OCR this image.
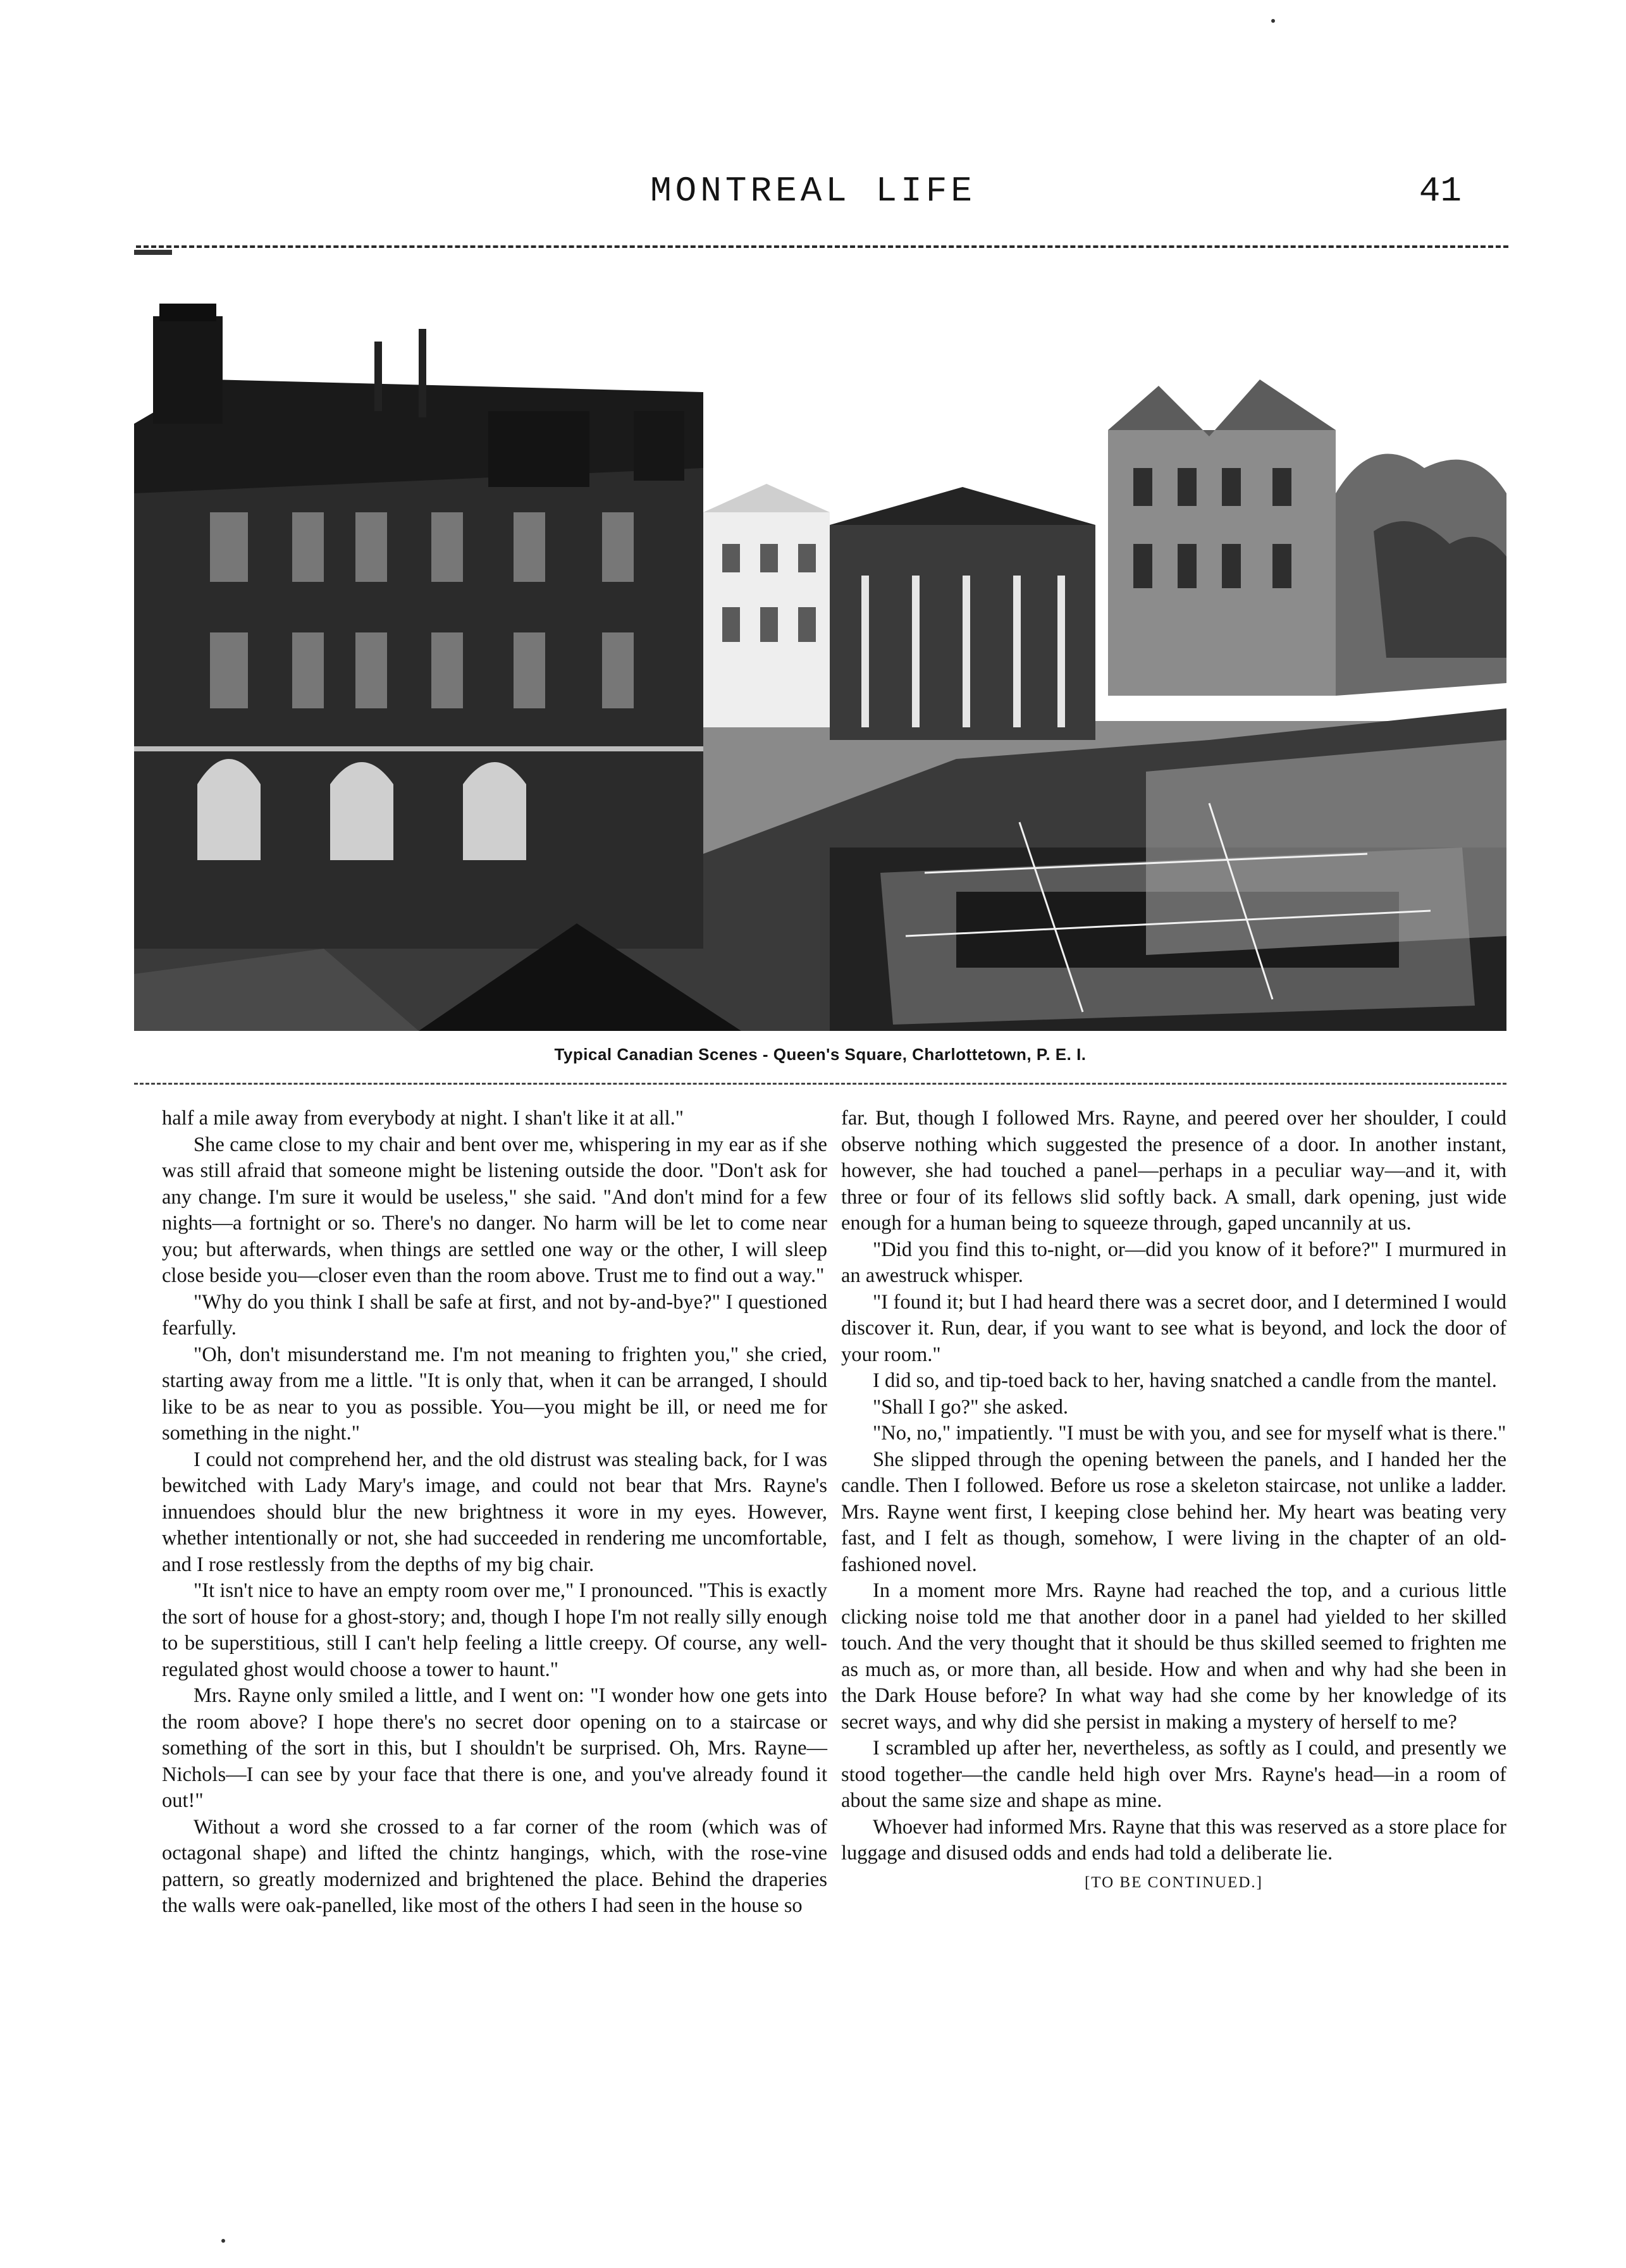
MONTREAL LIFE	41
Typical Canadian Scenes - Queen's Square, Charlottetown, P. E. I.

half a mile away from everybody at night. I shan't like it at all."

She came close to my chair and bent over me, whispering in my ear as if she was still afraid that someone might be listening outside the door. "Don't ask for any change. I'm sure it would be useless," she said. "And don't mind for a few nights—a fortnight or so. There's no danger. No harm will be let to come near you; but afterwards, when things are settled one way or the other, I will sleep close beside you—closer even than the room above. Trust me to find out a way."

"Why do you think I shall be safe at first, and not by-and-bye?" I questioned fearfully.

"Oh, don't misunderstand me. I'm not meaning to frighten you," she cried, starting away from me a little. "It is only that, when it can be arranged, I should like to be as near to you as possible. You—you might be ill, or need me for something in the night."

I could not comprehend her, and the old distrust was stealing back, for I was bewitched with Lady Mary's image, and could not bear that Mrs. Rayne's innuendoes should blur the new brightness it wore in my eyes. However, whether intentionally or not, she had succeeded in rendering me uncomfortable, and I rose restlessly from the depths of my big chair.

"It isn't nice to have an empty room over me," I pronounced. "This is exactly the sort of house for a ghost-story; and, though I hope I'm not really silly enough to be superstitious, still I can't help feeling a little creepy. Of course, any well-regulated ghost would choose a tower to haunt."

Mrs. Rayne only smiled a little, and I went on: "I wonder how one gets into the room above? I hope there's no secret door opening on to a staircase or something of the sort in this, but I shouldn't be surprised. Oh, Mrs. Rayne—Nichols—I can see by your face that there is one, and you've already found it out!"

Without a word she crossed to a far corner of the room (which was of octagonal shape) and lifted the chintz hangings, which, with the rose-vine pattern, so greatly modernized and brightened the place. Behind the draperies the walls were oak-panelled, like most of the others I had seen in the house so

far. But, though I followed Mrs. Rayne, and peered over her shoulder, I could observe nothing which suggested the presence of a door. In another instant, however, she had touched a panel—perhaps in a peculiar way—and it, with three or four of its fellows slid softly back. A small, dark opening, just wide enough for a human being to squeeze through, gaped uncannily at us.

"Did you find this to-night, or—did you know of it before?" I murmured in an awestruck whisper.

"I found it; but I had heard there was a secret door, and I determined I would discover it. Run, dear, if you want to see what is beyond, and lock the door of your room."

I did so, and tip-toed back to her, having snatched a candle from the mantel.

"Shall I go?" she asked.

"No, no," impatiently. "I must be with you, and see for myself what is there."

She slipped through the opening between the panels, and I handed her the candle. Then I followed. Before us rose a skeleton staircase, not unlike a ladder. Mrs. Rayne went first, I keeping close behind her. My heart was beating very fast, and I felt as though, somehow, I were living in the chapter of an old-fashioned novel.

In a moment more Mrs. Rayne had reached the top, and a curious little clicking noise told me that another door in a panel had yielded to her skilled touch. And the very thought that it should be thus skilled seemed to frighten me as much as, or more than, all beside. How and when and why had she been in the Dark House before? In what way had she come by her knowledge of its secret ways, and why did she persist in making a mystery of herself to me?

I scrambled up after her, nevertheless, as softly as I could, and presently we stood together—the candle held high over Mrs. Rayne's head—in a room of about the same size and shape as mine.

Whoever had informed Mrs. Rayne that this was reserved as a store place for luggage and disused odds and ends had told a deliberate lie.

[TO BE CONTINUED.]
